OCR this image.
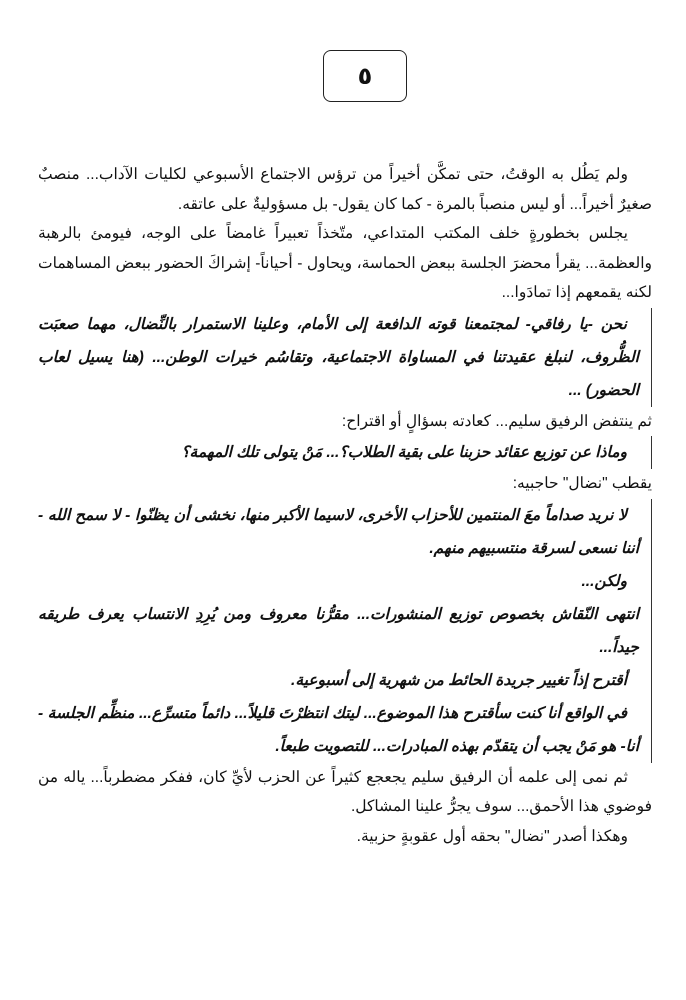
٥

ولم يَطُل به الوقتُ، حتى تمكَّن أخيراً من ترؤس الاجتماع الأسبوعي لكليات الآداب... منصبٌ صغيرٌ أخيراً... أو ليس منصباً بالمرة - كما كان يقول- بل مسؤوليةٌ على عاتقه.

يجلس بخطورةٍ خلف المكتب المتداعي، متّخذاً تعبيراً غامضاً على الوجه، فيومئ بالرهبة والعظمة... يقرأ محضرَ الجلسة ببعض الحماسة، ويحاول - أحياناً- إشراكَ الحضور ببعض المساهمات لكنه يقمعهم إذا تمادَوا...

نحن -يا رفاقي- لمجتمعنا قوته الدافعة إلى الأمام، وعلينا الاستمرار بالنِّضال، مهما صعبَت الظُّروف، لنبلغ عقيدتنا في المساواة الاجتماعية، وتقاسُم خيرات الوطن... (هنا يسيل لعاب الحضور) ...

ثم ينتفض الرفيق سليم... كعادته بسؤالٍ أو اقتراح:

وماذا عن توزيع عقائد حزبنا على بقية الطلاب؟... مَنْ يتولى تلك المهمة؟

يقطب "نضال" حاجبيه:

لا نريد صداماً معَ المنتمين للأحزاب الأخرى، لاسيما الأكبر منها، نخشى أن يظنّوا - لا سمح الله - أننا نسعى لسرقة منتسبيهم منهم.

ولكن...

انتهى النّقاش بخصوص توزيع المنشورات... مقرُّنا معروف ومن يُرِدِ الانتساب يعرف طريقه جيداً...

أقترح إذاً تغيير جريدة الحائط من شهرية إلى أسبوعية.

في الواقع أنا كنت سأقترح هذا الموضوع... ليتك انتظرْتَ قليلاً... دائماً متسرِّع... منظِّم الجلسة - أنا- هو مَنْ يجب أن يتقدّم بهذه المبادرات... للتصويت طبعاً.

ثم نمى إلى علمه أن الرفيق سليم يجعجع كثيراً عن الحزب لأيِّ كان، ففكر مضطرباً... ياله من فوضوي هذا الأحمق... سوف يجرُّ علينا المشاكل.

وهكذا أصدر "نضال" بحقه أول عقوبةٍ حزبية.
